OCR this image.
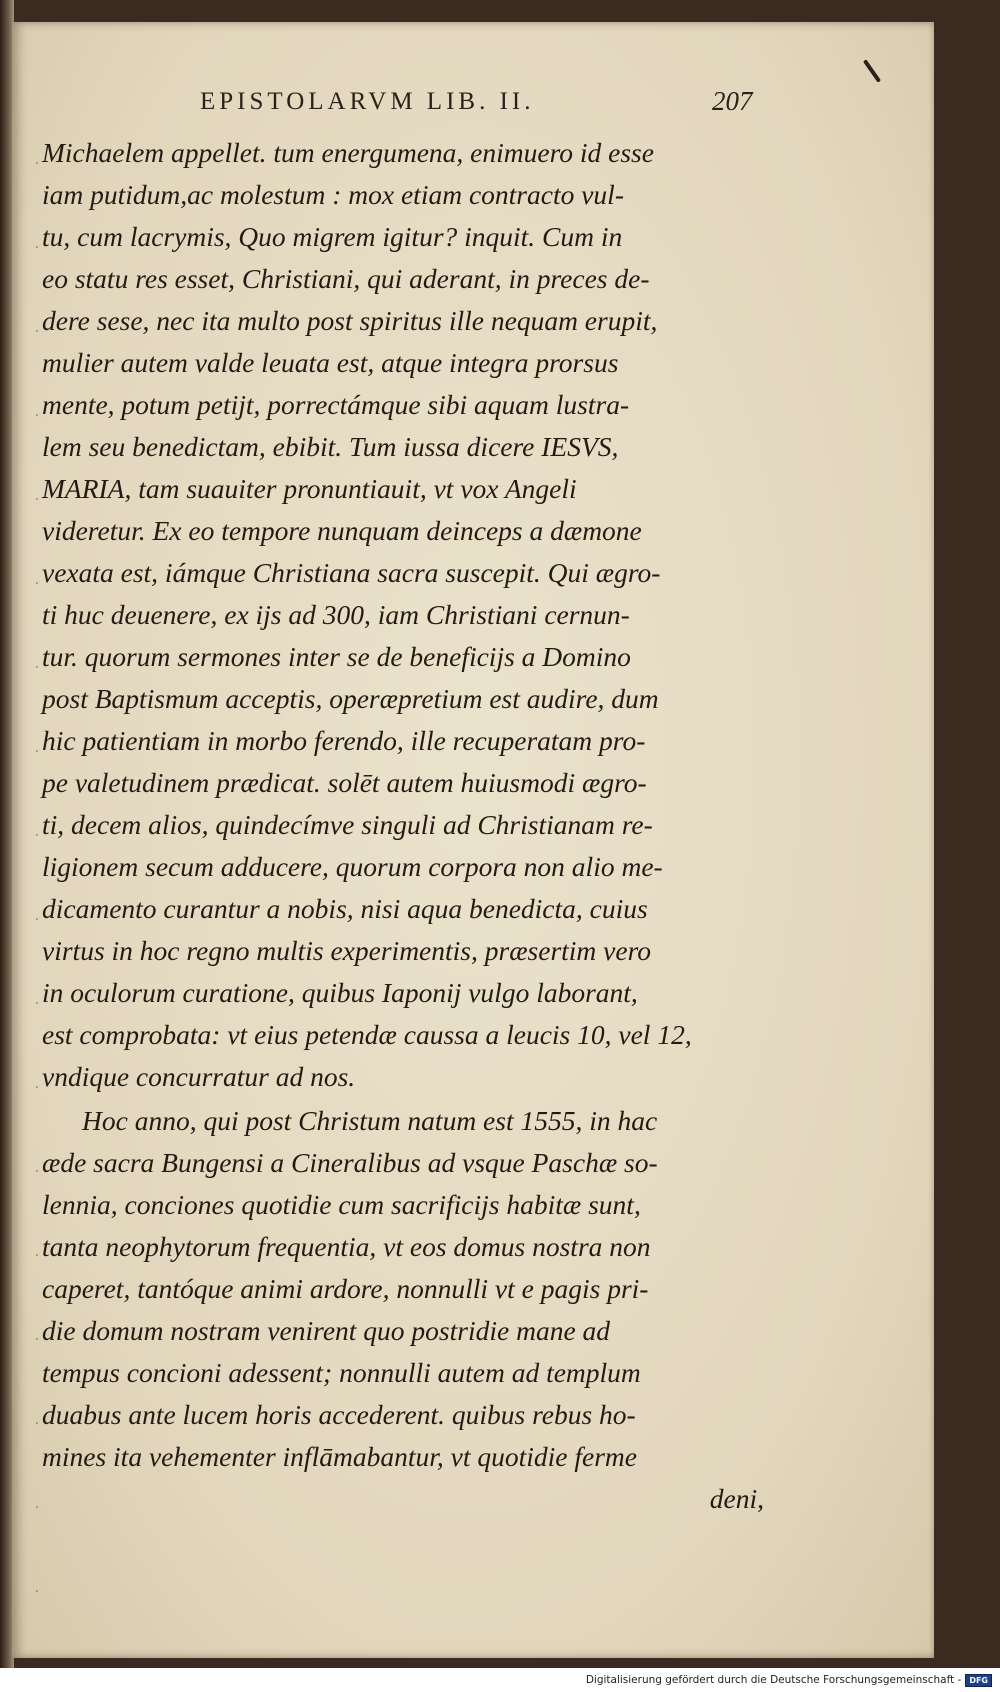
EPISTOLARVM LIB. II.	207
Michaelem appellet. tum energumena, enimuero id esse
iam putidum,ac molestum : mox etiam contracto vul-
tu, cum lacrymis, Quo migrem igitur? inquit. Cum in
eo statu res esset, Christiani, qui aderant, in preces de-
dere sese, nec ita multo post spiritus ille nequam erupit,
mulier autem valde leuata est, atque integra prorsus
mente, potum petijt, porrectámque sibi aquam lustra-
lem seu benedictam, ebibit. Tum iussa dicere IESVS,
MARIA, tam suauiter pronuntiauit, vt vox Angeli
videretur. Ex eo tempore nunquam deinceps a dæmone
vexata est, iámque Christiana sacra suscepit. Qui ægro-
ti huc deuenere, ex ijs ad 300, iam Christiani cernun-
tur. quorum sermones inter se de beneficijs a Domino
post Baptismum acceptis, operæpretium est audire, dum
hic patientiam in morbo ferendo, ille recuperatam pro-
pe valetudinem prædicat. solēt autem huiusmodi ægro-
ti, decem alios, quindecímve singuli ad Christianam re-
ligionem secum adducere, quorum corpora non alio me-
dicamento curantur a nobis, nisi aqua benedicta, cuius
virtus in hoc regno multis experimentis, præsertim vero
in oculorum curatione, quibus Iaponij vulgo laborant,
est comprobata: vt eius petendæ caussa a leucis 10, vel 12,
vndique concurratur ad nos.
Hoc anno, qui post Christum natum est 1555, in hac
æde sacra Bungensi a Cineralibus ad vsque Paschæ so-
lennia, conciones quotidie cum sacrificijs habitæ sunt,
tanta neophytorum frequentia, vt eos domus nostra non
caperet, tantóque animi ardore, nonnulli vt e pagis pri-
die domum nostram venirent quo postridie mane ad
tempus concioni adessent; nonnulli autem ad templum
duabus ante lucem horis accederent. quibus rebus ho-
mines ita vehementer inflāmabantur, vt quotidie ferme
deni,
Digitalisierung gefördert durch die Deutsche Forschungsgemeinschaft -	DFG
